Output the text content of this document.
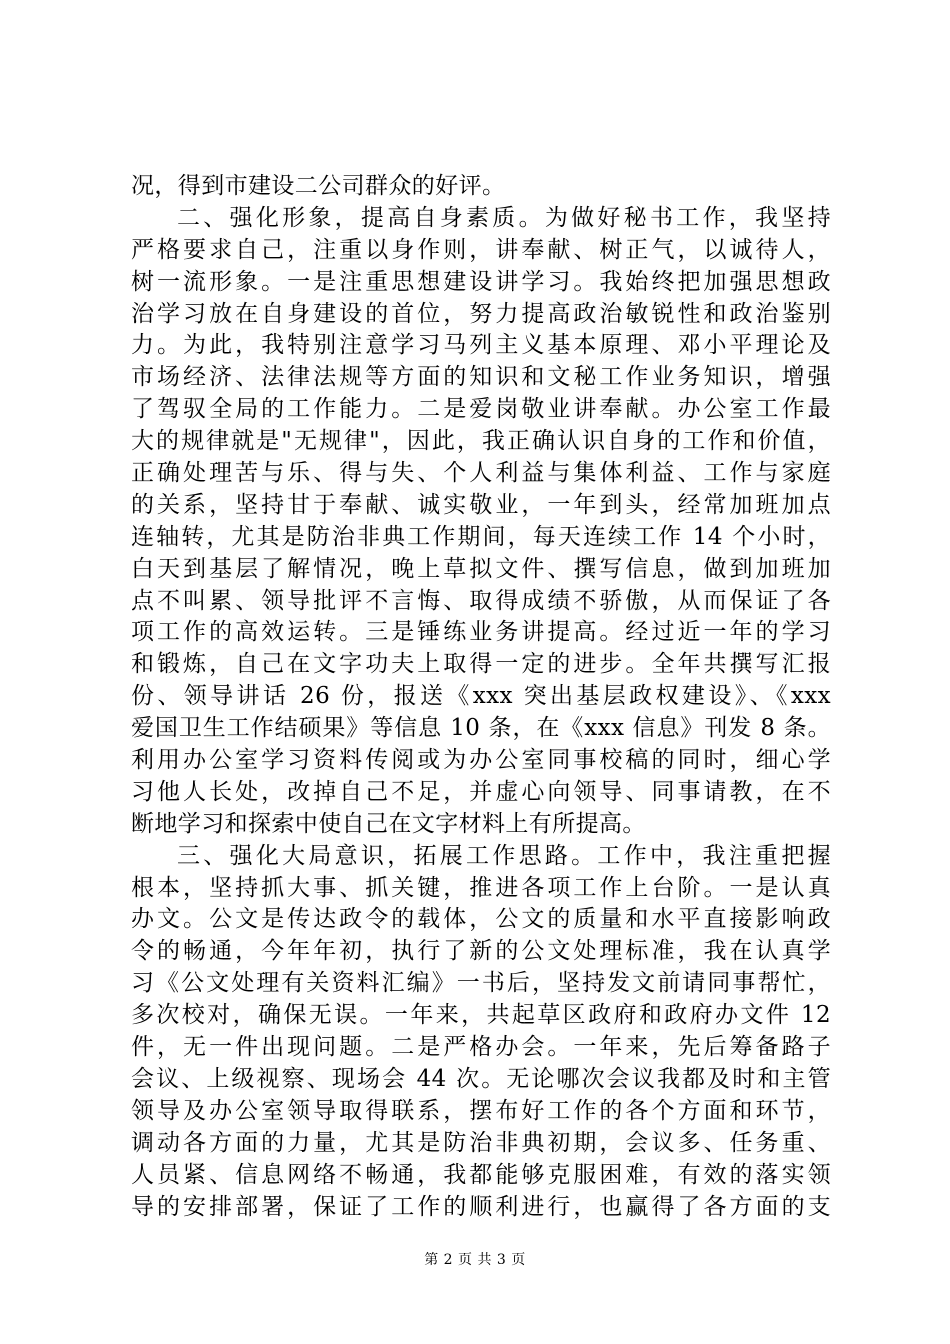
况，得到市建设二公司群众的好评。
二、强化形象，提高自身素质。为做好秘书工作，我坚持
严格要求自己，注重以身作则，讲奉献、树正气，以诚待人，
树一流形象。一是注重思想建设讲学习。我始终把加强思想政
治学习放在自身建设的首位，努力提高政治敏锐性和政治鉴别
力。为此，我特别注意学习马列主义基本原理、邓小平理论及
市场经济、法律法规等方面的知识和文秘工作业务知识，增强
了驾驭全局的工作能力。二是爱岗敬业讲奉献。办公室工作最
大的规律就是"无规律"，因此，我正确认识自身的工作和价值，
正确处理苦与乐、得与失、个人利益与集体利益、工作与家庭
的关系，坚持甘于奉献、诚实敬业，一年到头，经常加班加点
连轴转，尤其是防治非典工作期间，每天连续工作 14 个小时，
白天到基层了解情况，晚上草拟文件、撰写信息，做到加班加
点不叫累、领导批评不言悔、取得成绩不骄傲，从而保证了各
项工作的高效运转。三是锤练业务讲提高。经过近一年的学习
和锻炼，自己在文字功夫上取得一定的进步。全年共撰写汇报
份、领导讲话 26 份，报送《xxx 突出基层政权建设》、《xxx
爱国卫生工作结硕果》等信息 10 条，在《xxx 信息》刊发 8 条。
利用办公室学习资料传阅或为办公室同事校稿的同时，细心学
习他人长处，改掉自己不足，并虚心向领导、同事请教，在不
断地学习和探索中使自己在文字材料上有所提高。
三、强化大局意识，拓展工作思路。工作中，我注重把握
根本，坚持抓大事、抓关键，推进各项工作上台阶。一是认真
办文。公文是传达政令的载体，公文的质量和水平直接影响政
令的畅通，今年年初，执行了新的公文处理标准，我在认真学
习《公文处理有关资料汇编》一书后，坚持发文前请同事帮忙，
多次校对，确保无误。一年来，共起草区政府和政府办文件 12
件，无一件出现问题。二是严格办会。一年来，先后筹备路子
会议、上级视察、现场会 44 次。无论哪次会议我都及时和主管
领导及办公室领导取得联系，摆布好工作的各个方面和环节，
调动各方面的力量，尤其是防治非典初期，会议多、任务重、
人员紧、信息网络不畅通，我都能够克服困难，有效的落实领
导的安排部署，保证了工作的顺利进行，也赢得了各方面的支
第 2 页 共 3 页
